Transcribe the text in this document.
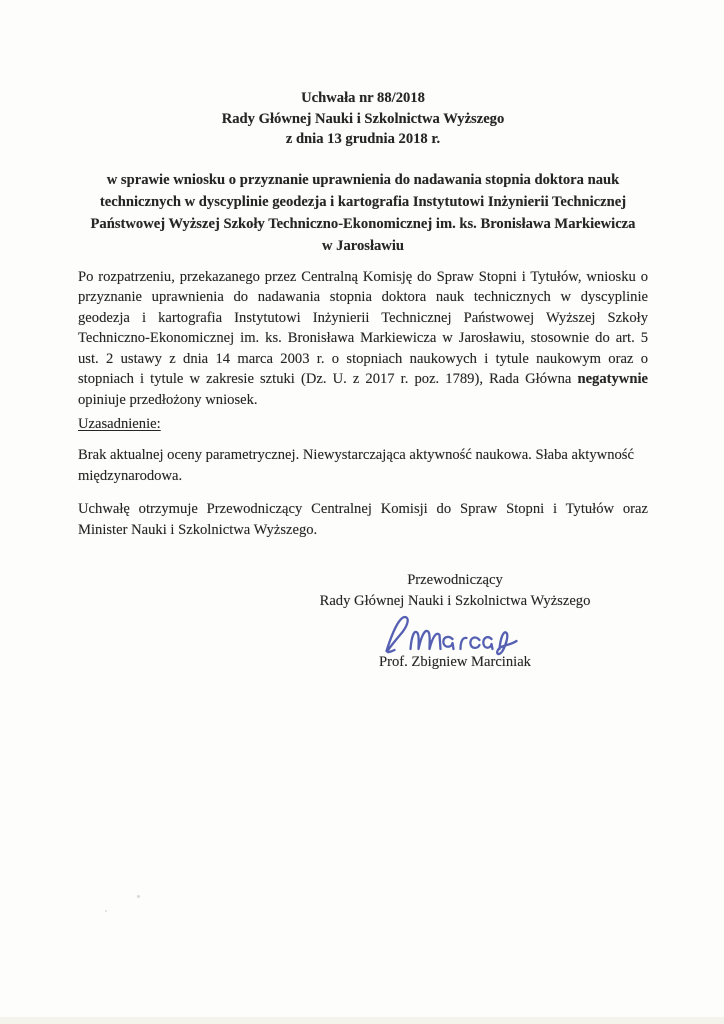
Uchwała nr 88/2018
Rady Głównej Nauki i Szkolnictwa Wyższego
z dnia 13 grudnia 2018 r.
w sprawie wniosku o przyznanie uprawnienia do nadawania stopnia doktora nauk
technicznych w dyscyplinie geodezja i kartografia Instytutowi Inżynierii Technicznej
Państwowej Wyższej Szkoły Techniczno-Ekonomicznej im. ks. Bronisława Markiewicza
w Jarosławiu

Po rozpatrzeniu, przekazanego przez Centralną Komisję do Spraw Stopni i Tytułów, wniosku o przyznanie uprawnienia do nadawania stopnia doktora nauk technicznych w dyscyplinie geodezja i kartografia Instytutowi Inżynierii Technicznej Państwowej Wyższej Szkoły Techniczno-Ekonomicznej im. ks. Bronisława Markiewicza w Jarosławiu, stosownie do art. 5 ust. 2 ustawy z dnia 14 marca 2003 r. o stopniach naukowych i tytule naukowym oraz o stopniach i tytule w zakresie sztuki (Dz. U. z 2017 r. poz. 1789), Rada Główna negatywnie opiniuje przedłożony wniosek.

Uzasadnienie:

Brak aktualnej oceny parametrycznej. Niewystarczająca aktywność naukowa. Słaba aktywność międzynarodowa.

Uchwałę otrzymuje Przewodniczący Centralnej Komisji do Spraw Stopni i Tytułów oraz Minister Nauki i Szkolnictwa Wyższego.

Przewodniczący
Rady Głównej Nauki i Szkolnictwa Wyższego
Prof. Zbigniew Marciniak
